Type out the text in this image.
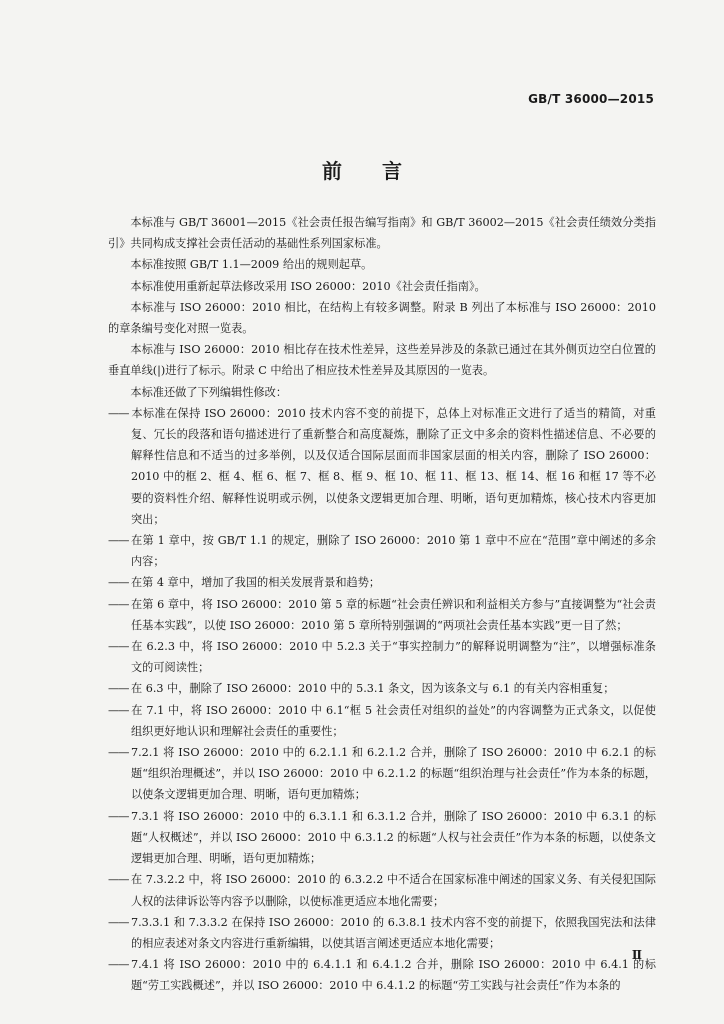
GB/T 36000—2015
前言

本标准与 GB/T 36001—2015《社会责任报告编写指南》和 GB/T 36002—2015《社会责任绩效分类指引》共同构成支撑社会责任活动的基础性系列国家标准。

本标准按照 GB/T 1.1—2009 给出的规则起草。

本标准使用重新起草法修改采用 ISO 26000：2010《社会责任指南》。

本标准与 ISO 26000：2010 相比，在结构上有较多调整。附录 B 列出了本标准与 ISO 26000：2010 的章条编号变化对照一览表。

本标准与 ISO 26000：2010 相比存在技术性差异，这些差异涉及的条款已通过在其外侧页边空白位置的垂直单线(|)进行了标示。附录 C 中给出了相应技术性差异及其原因的一览表。

本标准还做了下列编辑性修改：

—— 本标准在保持 ISO 26000：2010 技术内容不变的前提下，总体上对标准正文进行了适当的精简，对重复、冗长的段落和语句描述进行了重新整合和高度凝炼，删除了正文中多余的资料性描述信息、不必要的解释性信息和不适当的过多举例，以及仅适合国际层面而非国家层面的相关内容，删除了 ISO 26000：2010 中的框 2、框 4、框 6、框 7、框 8、框 9、框 10、框 11、框 13、框 14、框 16 和框 17 等不必要的资料性介绍、解释性说明或示例，以使条文逻辑更加合理、明晰，语句更加精炼，核心技术内容更加突出；

—— 在第 1 章中，按 GB/T 1.1 的规定，删除了 ISO 26000：2010 第 1 章中不应在“范围”章中阐述的多余内容；

—— 在第 4 章中，增加了我国的相关发展背景和趋势；

—— 在第 6 章中，将 ISO 26000：2010 第 5 章的标题“社会责任辨识和利益相关方参与”直接调整为“社会责任基本实践”，以使 ISO 26000：2010 第 5 章所特别强调的“两项社会责任基本实践”更一目了然；

—— 在 6.2.3 中，将 ISO 26000：2010 中 5.2.3 关于“事实控制力”的解释说明调整为“注”，以增强标准条文的可阅读性；

—— 在 6.3 中，删除了 ISO 26000：2010 中的 5.3.1 条文，因为该条文与 6.1 的有关内容相重复；

—— 在 7.1 中，将 ISO 26000：2010 中 6.1“框 5 社会责任对组织的益处”的内容调整为正式条文，以促使组织更好地认识和理解社会责任的重要性；

—— 7.2.1 将 ISO 26000：2010 中的 6.2.1.1 和 6.2.1.2 合并，删除了 ISO 26000：2010 中 6.2.1 的标题“组织治理概述”，并以 ISO 26000：2010 中 6.2.1.2 的标题“组织治理与社会责任”作为本条的标题，以使条文逻辑更加合理、明晰，语句更加精炼；

—— 7.3.1 将 ISO 26000：2010 中的 6.3.1.1 和 6.3.1.2 合并，删除了 ISO 26000：2010 中 6.3.1 的标题“人权概述”，并以 ISO 26000：2010 中 6.3.1.2 的标题“人权与社会责任”作为本条的标题，以使条文逻辑更加合理、明晰，语句更加精炼；

—— 在 7.3.2.2 中，将 ISO 26000：2010 的 6.3.2.2 中不适合在国家标准中阐述的国家义务、有关侵犯国际人权的法律诉讼等内容予以删除，以使标准更适应本地化需要；

—— 7.3.3.1 和 7.3.3.2 在保持 ISO 26000：2010 的 6.3.8.1 技术内容不变的前提下，依照我国宪法和法律的相应表述对条文内容进行重新编辑，以使其语言阐述更适应本地化需要；

—— 7.4.1 将 ISO 26000：2010 中的 6.4.1.1 和 6.4.1.2 合并，删除 ISO 26000：2010 中 6.4.1 的标题“劳工实践概述”，并以 ISO 26000：2010 中 6.4.1.2 的标题“劳工实践与社会责任”作为本条的

Ⅱ
